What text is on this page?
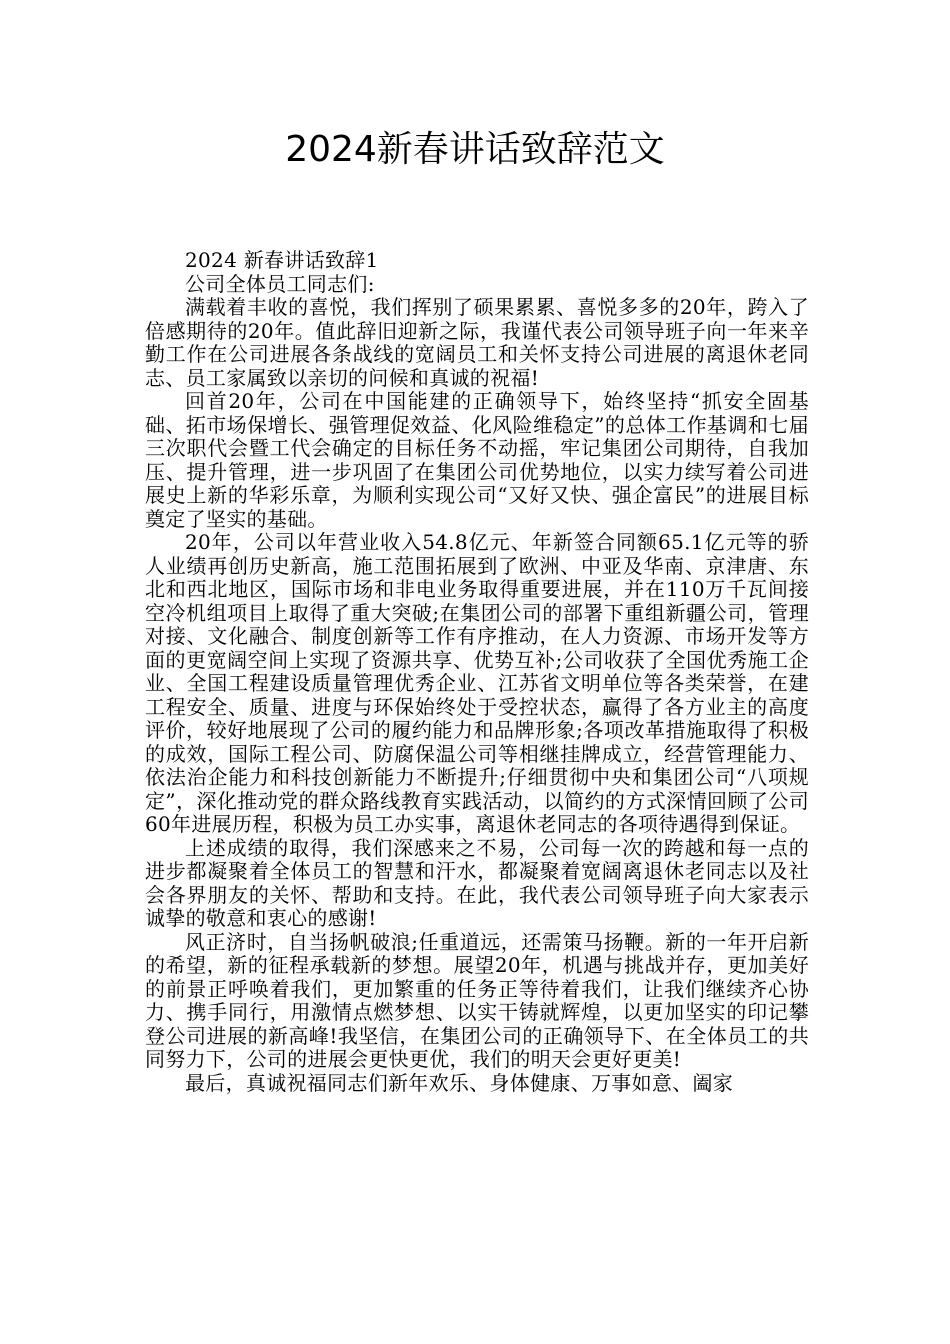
2024新春讲话致辞范文

2024 新春讲话致辞1

公司全体员工同志们:

满载着丰收的喜悦，我们挥别了硕果累累、喜悦多多的20年，跨入了倍感期待的20年。值此辞旧迎新之际，我谨代表公司领导班子向一年来辛勤工作在公司进展各条战线的宽阔员工和关怀支持公司进展的离退休老同志、员工家属致以亲切的问候和真诚的祝福!

回首20年，公司在中国能建的正确领导下，始终坚持“抓安全固基础、拓市场保增长、强管理促效益、化风险维稳定”的总体工作基调和七届三次职代会暨工代会确定的目标任务不动摇，牢记集团公司期待，自我加压、提升管理，进一步巩固了在集团公司优势地位，以实力续写着公司进展史上新的华彩乐章，为顺利实现公司“又好又快、强企富民”的进展目标奠定了坚实的基础。

20年，公司以年营业收入54.8亿元、年新签合同额65.1亿元等的骄人业绩再创历史新高，施工范围拓展到了欧洲、中亚及华南、京津唐、东北和西北地区，国际市场和非电业务取得重要进展，并在110万千瓦间接空冷机组项目上取得了重大突破;在集团公司的部署下重组新疆公司，管理对接、文化融合、制度创新等工作有序推动，在人力资源、市场开发等方面的更宽阔空间上实现了资源共享、优势互补;公司收获了全国优秀施工企业、全国工程建设质量管理优秀企业、江苏省文明单位等各类荣誉，在建工程安全、质量、进度与环保始终处于受控状态，赢得了各方业主的高度评价，较好地展现了公司的履约能力和品牌形象;各项改革措施取得了积极的成效，国际工程公司、防腐保温公司等相继挂牌成立，经营管理能力、依法治企能力和科技创新能力不断提升;仔细贯彻中央和集团公司“八项规定”，深化推动党的群众路线教育实践活动，以简约的方式深情回顾了公司60年进展历程，积极为员工办实事，离退休老同志的各项待遇得到保证。

上述成绩的取得，我们深感来之不易，公司每一次的跨越和每一点的进步都凝聚着全体员工的智慧和汗水，都凝聚着宽阔离退休老同志以及社会各界朋友的关怀、帮助和支持。在此，我代表公司领导班子向大家表示诚挚的敬意和衷心的感谢!

风正济时，自当扬帆破浪;任重道远，还需策马扬鞭。新的一年开启新的希望，新的征程承载新的梦想。展望20年，机遇与挑战并存，更加美好的前景正呼唤着我们，更加繁重的任务正等待着我们，让我们继续齐心协力、携手同行，用激情点燃梦想、以实干铸就辉煌，以更加坚实的印记攀登公司进展的新高峰!我坚信，在集团公司的正确领导下、在全体员工的共同努力下，公司的进展会更快更优，我们的明天会更好更美!

最后，真诚祝福同志们新年欢乐、身体健康、万事如意、阖家
